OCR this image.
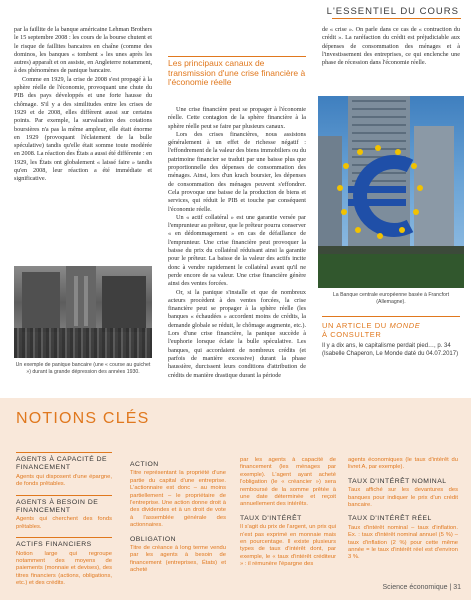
L'ESSENTIEL DU COURS

par la faillite de la banque américaine Lehman Brothers le 15 septembre 2008 : les cours de la bourse chutent et le risque de faillites bancaires en chaîne (comme des dominos, les banques « tombent » les unes après les autres) apparaît et on assiste, en Angleterre notamment, à des phénomènes de panique bancaire.

Comme en 1929, la crise de 2008 s'est propagé à la sphère réelle de l'économie, provoquant une chute du PIB des pays développés et une forte hausse du chômage. S'il y a des similitudes entre les crises de 1929 et de 2008, elles diffèrent aussi sur certains points. Par exemple, la survaluation des cotations boursières n'a pas la même ampleur, elle était énorme en 1929 (provoquant l'éclatement de la bulle spéculative) tandis qu'elle était somme toute modérée en 2008. La réaction des États a aussi été différente : en 1929, les États ont globalement « laissé faire » tandis qu'en 2008, leur réaction a été immédiate et significative.

Un exemple de panique bancaire (une « course au guichet ») durant la grande dépression des années 1930.
Les principaux canaux de transmission d'une crise financière à l'économie réelle

Une crise financière peut se propager à l'économie réelle. Cette contagion de la sphère financière à la sphère réelle peut se faire par plusieurs canaux.

Lors des crises financières, nous assistons généralement à un effet de richesse négatif : l'effondrement de la valeur des biens immobiliers ou du patrimoine financier se traduit par une baisse plus que proportionnelle des dépenses de consommation des ménages. Ainsi, lors d'un krach boursier, les dépenses de consommation des ménages peuvent s'effondrer. Cela provoque une baisse de la production de biens et services, qui réduit le PIB et touche par conséquent l'économie réelle.

Un « actif collatéral » est une garantie versée par l'emprunteur au prêteur, que le prêteur pourra conserver « en dédommagement » en cas de défaillance de l'emprunteur. Une crise financière peut provoquer la baisse du prix du collatéral réduisant ainsi la garantie pour le prêteur. La baisse de la valeur des actifs incite donc à vendre rapidement le collatéral avant qu'il ne perde encore de sa valeur. Une crise financière génère ainsi des ventes forcées.

Or, si la panique s'installe et que de nombreux acteurs procèdent à des ventes forcées, la crise financière peut se propager à la sphère réelle (les banques « échaudées » accordent moins de crédits, la demande globale se réduit, le chômage augmente, etc.). Lors d'une crise financière, la panique succède à l'euphorie lorsque éclate la bulle spéculative. Les banques, qui accordaient de nombreux crédits (et parfois de manière excessive) durant la phase haussière, durcissent leurs conditions d'attribution de crédits de manière drastique durant la période

de « crise ». On parle dans ce cas de « contraction du crédit ». La raréfaction du crédit est préjudiciable aux dépenses de consommation des ménages et à l'investissement des entreprises, ce qui enclenche une phase de récession dans l'économie réelle.

La Banque centrale européenne basée à Francfort (Allemagne).
UN ARTICLE DU MONDE
À CONSULTER
Il y a dix ans, le capitalisme perdait pied…, p. 34 (Isabelle Chaperon, Le Monde daté du 04.07.2017)
NOTIONS CLÉS
AGENTS À CAPACITÉ DE FINANCEMENT
Agents qui disposent d'une épargne, de fonds prêtables.
AGENTS À BESOIN DE FINANCEMENT
Agents qui cherchent des fonds prêtables.
ACTIFS FINANCIERS
Notion large qui regroupe notamment des moyens de paiements (monnaie et devises), des titres financiers (actions, obligations, etc.) et des crédits.
ACTION
Titre représentant la propriété d'une partie du capital d'une entreprise. L'actionnaire est donc – au moins partiellement – le propriétaire de l'entreprise. Une action donne droit à des dividendes et à un droit de vote à l'assemblée générale des actionnaires.
OBLIGATION
Titre de créance à long terme vendu par les agents à besoin de financement (entreprises, États) et acheté
par les agents à capacité de financement (les ménages par exemple). L'agent ayant acheté l'obligation (le « créancier ») sera remboursé de la somme prêtée à une date déterminée et reçoit annuellement des intérêts.
TAUX D'INTÉRÊT
Il s'agit du prix de l'argent, un prix qui n'est pas exprimé en monnaie mais en pourcentage. Il existe plusieurs types de taux d'intérêt dont, par exemple, le « taux d'intérêt créditeur » : il rémunère l'épargne des
agents économiques (le taux d'intérêt du livret A, par exemple).
TAUX D'INTÉRÊT NOMINAL
Taux affiché sur les devantures des banques pour indiquer le prix d'un crédit bancaire.
TAUX D'INTÉRÊT RÉEL
Taux d'intérêt nominal – taux d'inflation. Ex. : taux d'intérêt nominal annuel (5 %) – taux d'inflation (2 %) pour cette même année = le taux d'intérêt réel est d'environ 3 %.
Science économique | 31
